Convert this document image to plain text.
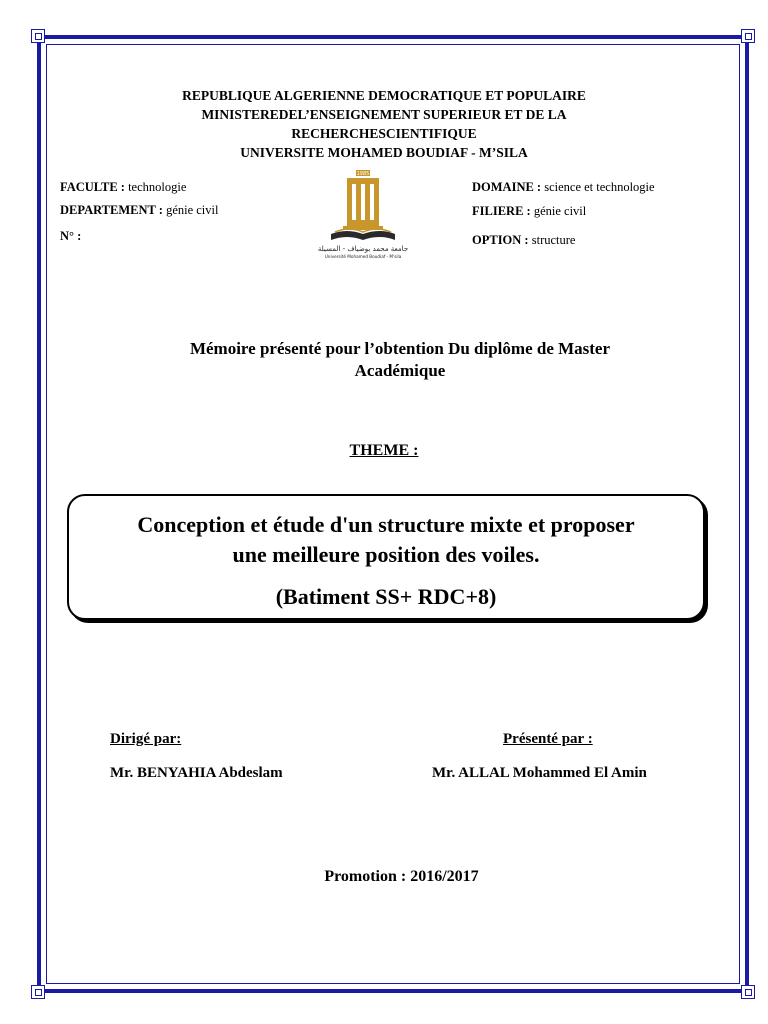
REPUBLIQUE ALGERIENNE DEMOCRATIQUE ET POPULAIRE
MINISTEREDEL’ENSEIGNEMENT SUPERIEUR ET DE LA
RECHERCHESCIENTIFIQUE
UNIVERSITE MOHAMED BOUDIAF - M’SILA
FACULTE : technologie
DEPARTEMENT : génie civil
N° :
DOMAINE : science et technologie
FILIERE : génie civil
OPTION : structure
1985
جامعة محمد بوضياف - المسيلة
Université Mohamed Boudiaf - M'sila
Mémoire présenté pour l’obtention Du diplôme de Master
Académique
THEME :
Conception et étude d'un structure mixte et proposer
une meilleure position des voiles.
(Batiment SS+ RDC+8)
Dirigé par:
Mr. BENYAHIA Abdeslam
Présenté par :
Mr. ALLAL Mohammed El Amin
Promotion : 2016/2017
